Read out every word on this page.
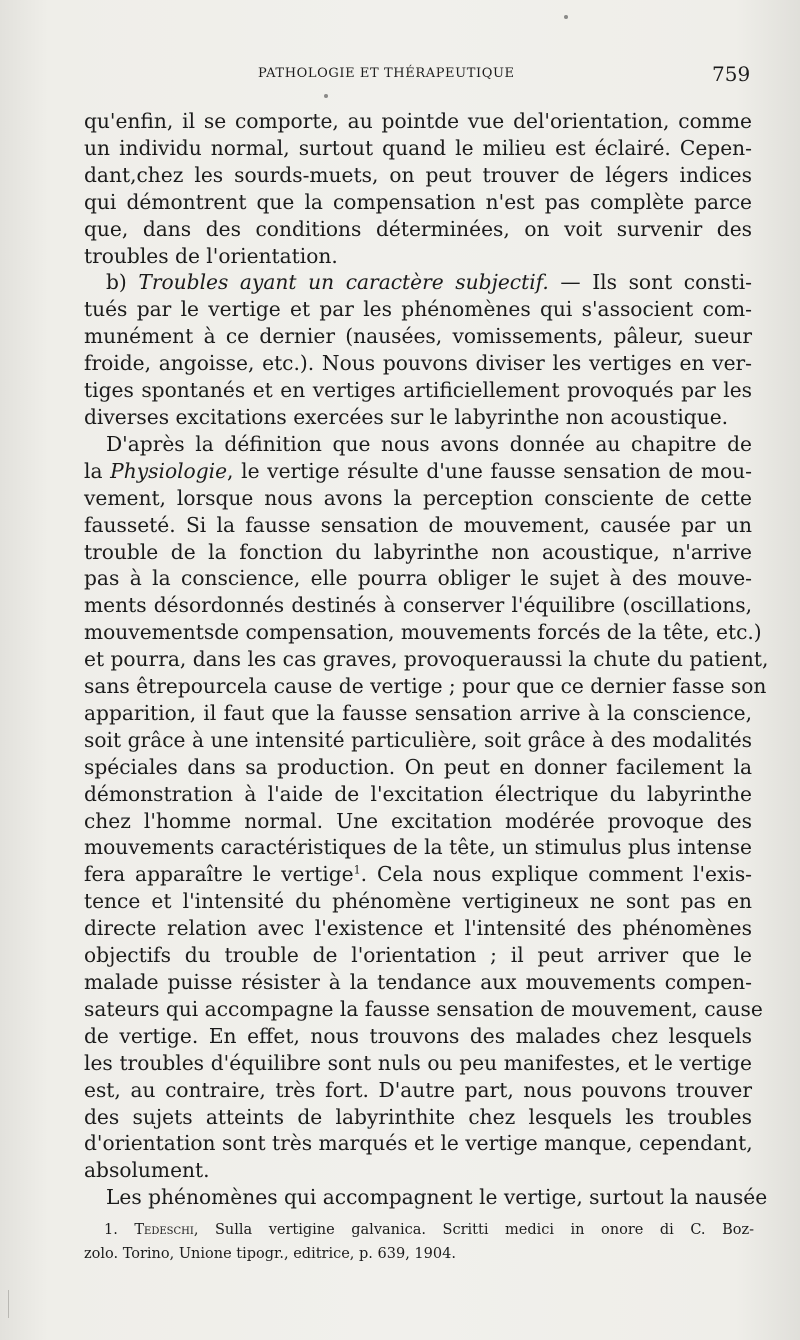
PATHOLOGIE ET THÉRAPEUTIQUE	759

qu'enfin, il se comporte, au pointde vue del'orientation, comme
un individu normal, surtout quand le milieu est éclairé. Cepen-
dant,chez les sourds-muets, on peut trouver de légers indices
qui démontrent que la compensation n'est pas complète parce
que, dans des conditions déterminées, on voit survenir des
troubles de l'orientation.

b) Troubles ayant un caractère subjectif. — Ils sont consti-
tués par le vertige et par les phénomènes qui s'associent com-
munément à ce dernier (nausées, vomissements, pâleur, sueur
froide, angoisse, etc.). Nous pouvons diviser les vertiges en ver-
tiges spontanés et en vertiges artificiellement provoqués par les
diverses excitations exercées sur le labyrinthe non acoustique.

D'après la définition que nous avons donnée au chapitre de
la Physiologie, le vertige résulte d'une fausse sensation de mou-
vement, lorsque nous avons la perception consciente de cette
fausseté. Si la fausse sensation de mouvement, causée par un
trouble de la fonction du labyrinthe non acoustique, n'arrive
pas à la conscience, elle pourra obliger le sujet à des mouve-
ments désordonnés destinés à conserver l'équilibre (oscillations,
mouvementsde compensation, mouvements forcés de la tête, etc.)
et pourra, dans les cas graves, provoqueraussi la chute du patient,
sans êtrepourcela cause de vertige ; pour que ce dernier fasse son
apparition, il faut que la fausse sensation arrive à la conscience,
soit grâce à une intensité particulière, soit grâce à des modalités
spéciales dans sa production. On peut en donner facilement la
démonstration à l'aide de l'excitation électrique du labyrinthe
chez l'homme normal. Une excitation modérée provoque des
mouvements caractéristiques de la tête, un stimulus plus intense
fera apparaître le vertige$^1$. Cela nous explique comment l'exis-
tence et l'intensité du phénomène vertigineux ne sont pas en
directe relation avec l'existence et l'intensité des phénomènes
objectifs du trouble de l'orientation ; il peut arriver que le
malade puisse résister à la tendance aux mouvements compen-
sateurs qui accompagne la fausse sensation de mouvement, cause
de vertige. En effet, nous trouvons des malades chez lesquels
les troubles d'équilibre sont nuls ou peu manifestes, et le vertige
est, au contraire, très fort. D'autre part, nous pouvons trouver
des sujets atteints de labyrinthite chez lesquels les troubles
d'orientation sont très marqués et le vertige manque, cependant,
absolument.

Les phénomènes qui accompagnent le vertige, surtout la nausée

1. Tedeschi, Sulla vertigine galvanica. Scritti medici in onore di C. Boz-
zolo. Torino, Unione tipogr., editrice, p. 639, 1904.
